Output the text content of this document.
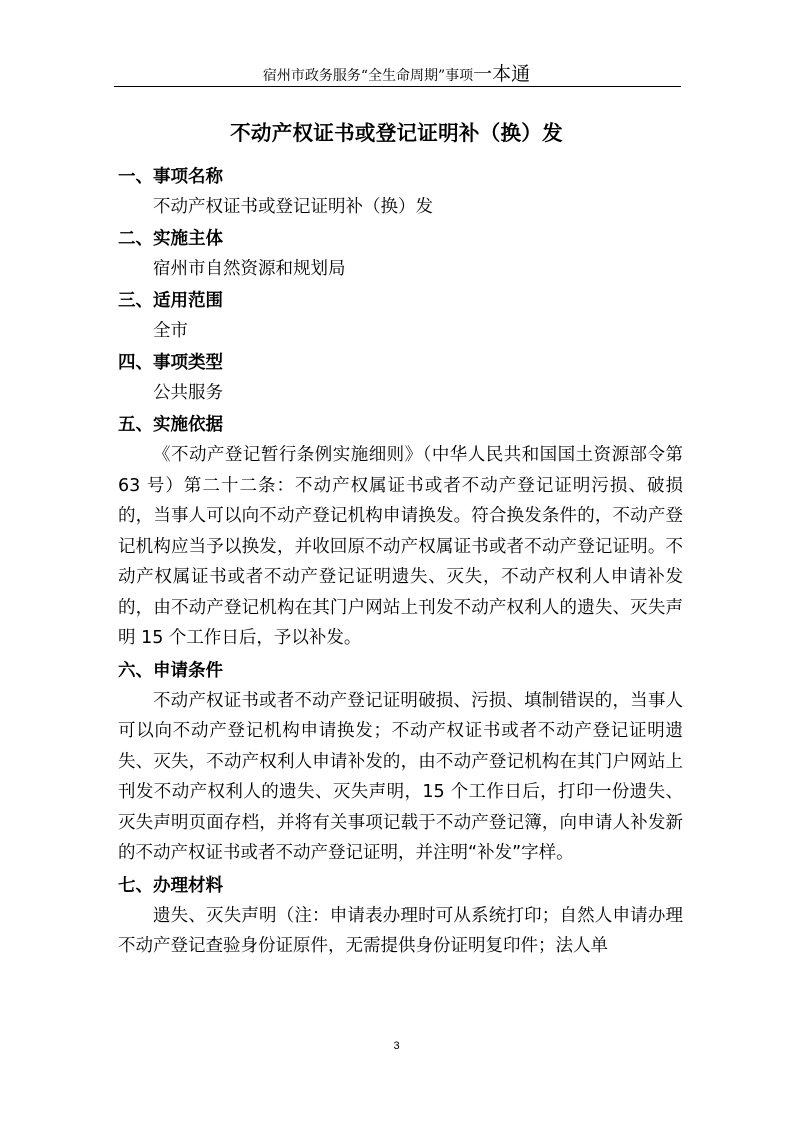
宿州市政务服务“全生命周期”事项一本通
不动产权证书或登记证明补（换）发
一、事项名称
不动产权证书或登记证明补（换）发
二、实施主体
宿州市自然资源和规划局
三、适用范围
全市
四、事项类型
公共服务
五、实施依据
《不动产登记暂行条例实施细则》（中华人民共和国国土资源部令第 63 号）第二十二条：不动产权属证书或者不动产登记证明污损、破损的，当事人可以向不动产登记机构申请换发。符合换发条件的，不动产登记机构应当予以换发，并收回原不动产权属证书或者不动产登记证明。不动产权属证书或者不动产登记证明遗失、灭失，不动产权利人申请补发的，由不动产登记机构在其门户网站上刊发不动产权利人的遗失、灭失声明 15 个工作日后，予以补发。
六、申请条件
不动产权证书或者不动产登记证明破损、污损、填制错误的，当事人可以向不动产登记机构申请换发；不动产权证书或者不动产登记证明遗失、灭失，不动产权利人申请补发的，由不动产登记机构在其门户网站上刊发不动产权利人的遗失、灭失声明，15 个工作日后，打印一份遗失、灭失声明页面存档，并将有关事项记载于不动产登记簿，向申请人补发新的不动产权证书或者不动产登记证明，并注明“补发”字样。
七、办理材料
遗失、灭失声明（注：申请表办理时可从系统打印；自然人申请办理不动产登记查验身份证原件，无需提供身份证明复印件；法人单
3
